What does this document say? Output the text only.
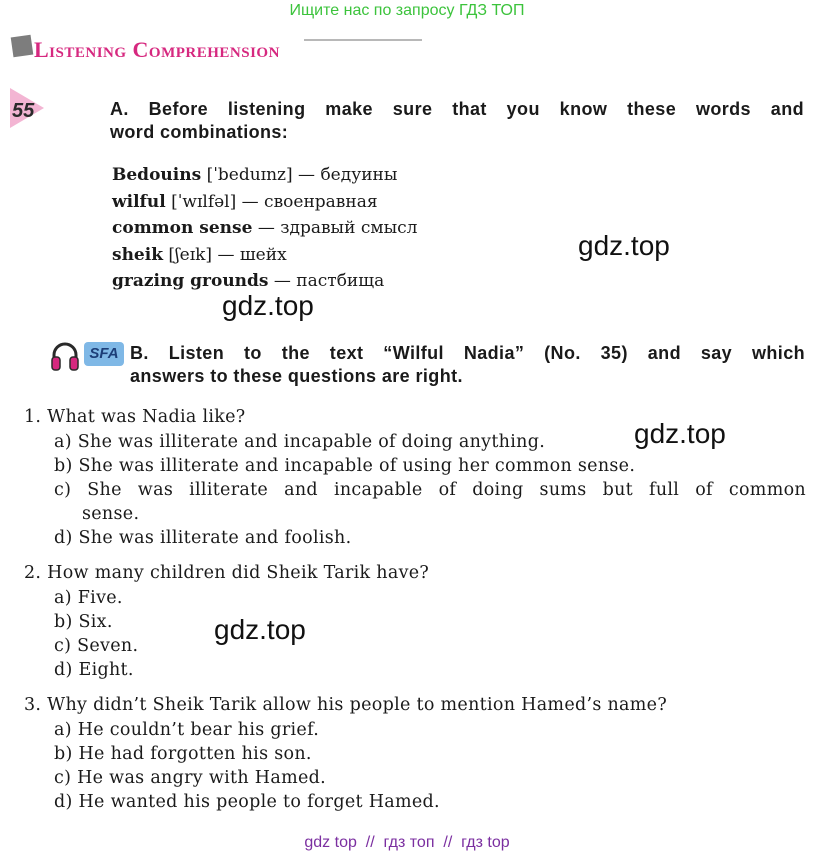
Ищите нас по запросу ГДЗ ТОП
Listening Comprehension
55	A. Before listening make sure that you know these words and
word combinations:
Bedouins [ˈbeduɪnz] — бедуины
wilful [ˈwɪlfəl] — своенравная
common sense — здравый смысл
sheik [ʃeɪk] — шейх
grazing grounds — пастбища
gdz.top
gdz.top
gdz.top
gdz.top
SFA B. Listen to the text “Wilful Nadia” (No. 35) and say which
answers to these questions are right.
1. What was Nadia like?
a) She was illiterate and incapable of doing anything.
b) She was illiterate and incapable of using her common sense.
c) She was illiterate and incapable of doing sums but full of common
sense.
d) She was illiterate and foolish.
2. How many children did Sheik Tarik have?
a) Five.
b) Six.
c) Seven.
d) Eight.
3. Why didn’t Sheik Tarik allow his people to mention Hamed’s name?
a) He couldn’t bear his grief.
b) He had forgotten his son.
c) He was angry with Hamed.
d) He wanted his people to forget Hamed.
gdz top  //  гдз топ  //  гдз top
